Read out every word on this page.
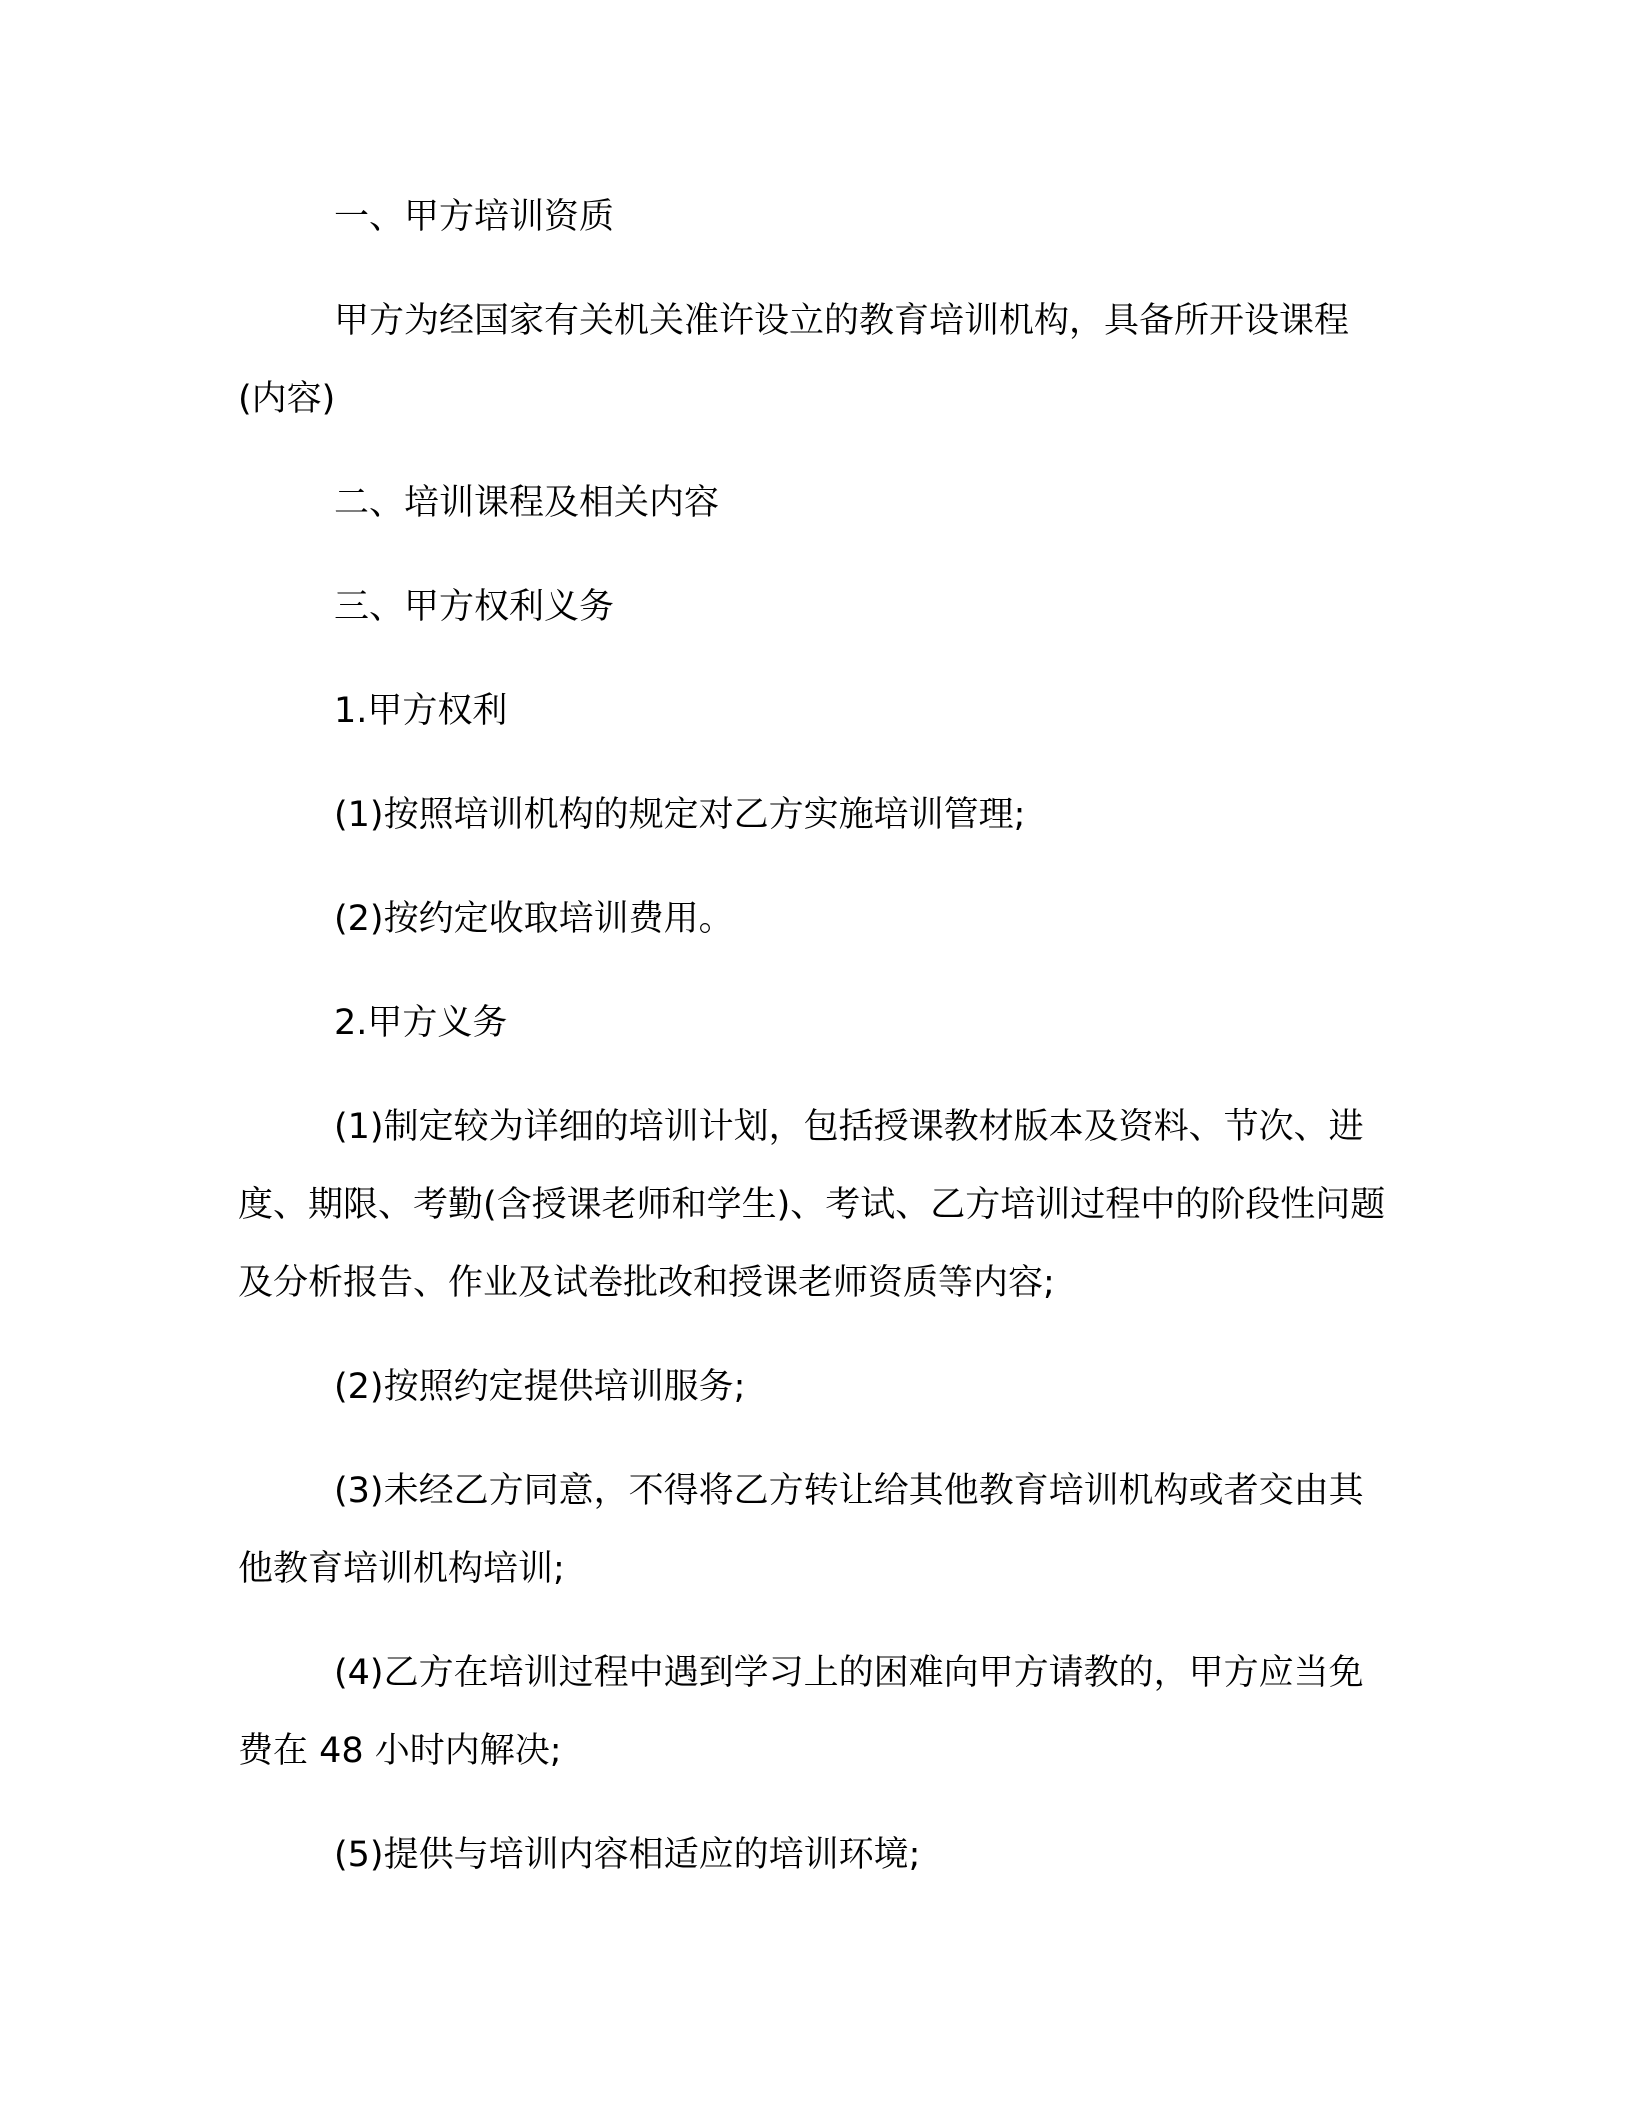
一、甲方培训资质

甲方为经国家有关机关准许设立的教育培训机构，具备所开设课程(内容)

二、培训课程及相关内容

三、甲方权利义务

1.甲方权利

(1)按照培训机构的规定对乙方实施培训管理;

(2)按约定收取培训费用。

2.甲方义务

(1)制定较为详细的培训计划，包括授课教材版本及资料、节次、进度、期限、考勤(含授课老师和学生)、考试、乙方培训过程中的阶段性问题及分析报告、作业及试卷批改和授课老师资质等内容;

(2)按照约定提供培训服务;

(3)未经乙方同意，不得将乙方转让给其他教育培训机构或者交由其他教育培训机构培训;

(4)乙方在培训过程中遇到学习上的困难向甲方请教的，甲方应当免费在 48 小时内解决;

(5)提供与培训内容相适应的培训环境;
